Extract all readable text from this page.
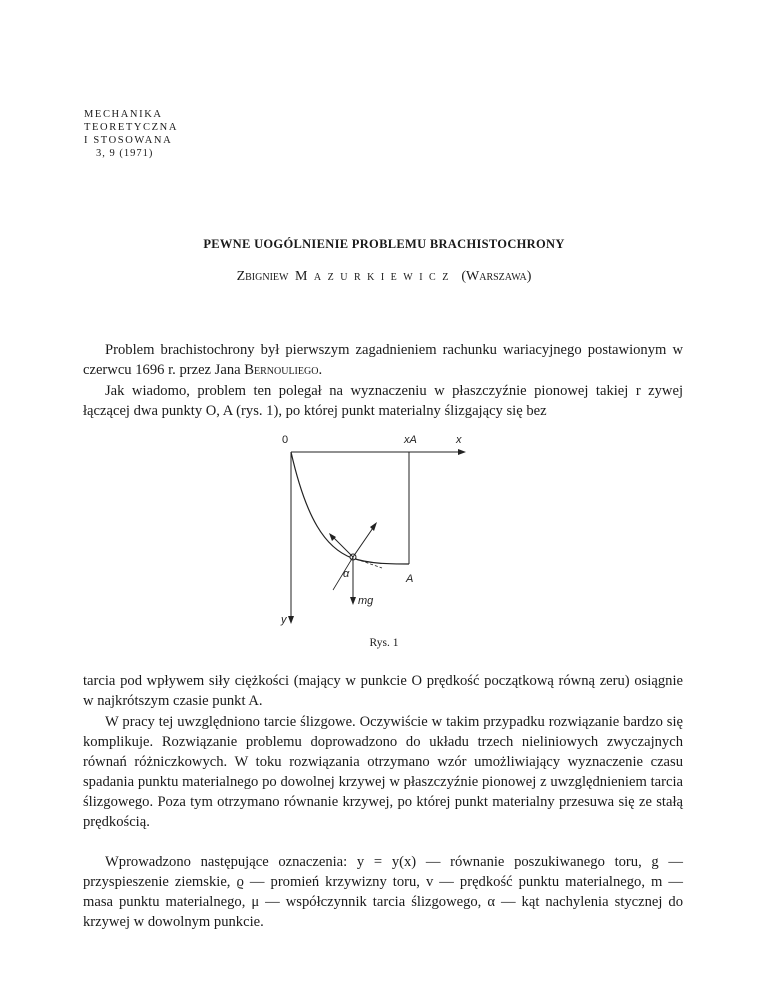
MECHANIKA
TEORETYCZNA
I STOSOWANA
3, 9 (1971)
PEWNE UOGÓLNIENIE PROBLEMU BRACHISTOCHRONY
Zbigniew Mazurkiewicz (Warszawa)
Problem brachistochrony był pierwszym zagadnieniem rachunku wariacyjnego postawionym w czerwcu 1696 r. przez Jana Bernouliego.
Jak wiadomo, problem ten polegał na wyznaczeniu w płaszczyźnie pionowej takiej r zywej łączącej dwa punkty O, A (rys. 1), po której punkt materialny ślizgający się bez
0	xA	x
y
α	A
mg
Rys. 1
tarcia pod wpływem siły ciężkości (mający w punkcie O prędkość początkową równą zeru) osiągnie w najkrótszym czasie punkt A.
W pracy tej uwzględniono tarcie ślizgowe. Oczywiście w takim przypadku rozwiązanie bardzo się komplikuje. Rozwiązanie problemu doprowadzono do układu trzech nieliniowych zwyczajnych równań różniczkowych. W toku rozwiązania otrzymano wzór umożliwiający wyznaczenie czasu spadania punktu materialnego po dowolnej krzywej w płaszczyźnie pionowej z uwzględnieniem tarcia ślizgowego. Poza tym otrzymano równanie krzywej, po której punkt materialny przesuwa się ze stałą prędkością.
Wprowadzono następujące oznaczenia: y = y(x) — równanie poszukiwanego toru, g — przyspieszenie ziemskie, ϱ — promień krzywizny toru, v — prędkość punktu materialnego, m — masa punktu materialnego, μ — współczynnik tarcia ślizgowego, α — kąt nachylenia stycznej do krzywej w dowolnym punkcie.
